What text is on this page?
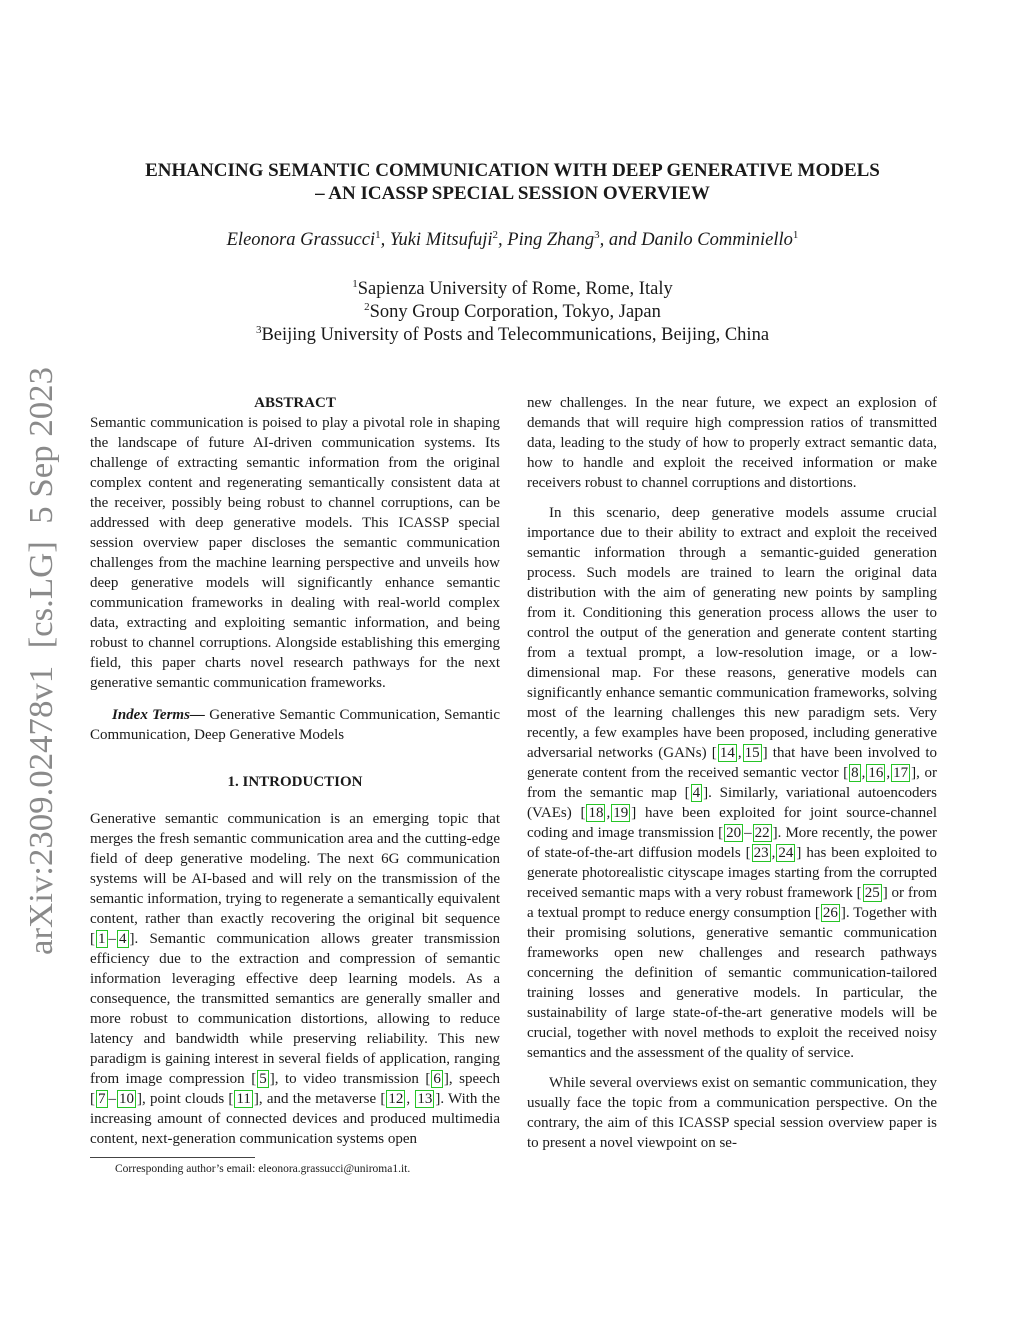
arXiv:2309.02478v1  [cs.LG]  5 Sep 2023
ENHANCING SEMANTIC COMMUNICATION WITH DEEP GENERATIVE MODELS
– AN ICASSP SPECIAL SESSION OVERVIEW
Eleonora Grassucci$^1$, Yuki Mitsufuji$^2$, Ping Zhang$^3$, and Danilo Comminiello$^1$
$^1$Sapienza University of Rome, Rome, Italy
$^2$Sony Group Corporation, Tokyo, Japan
$^3$Beijing University of Posts and Telecommunications, Beijing, China
ABSTRACT

Semantic communication is poised to play a pivotal role in shaping the landscape of future AI-driven communication systems. Its challenge of extracting semantic information from the original complex content and regenerating semantically consistent data at the receiver, possibly being robust to channel corruptions, can be addressed with deep generative models. This ICASSP special session overview paper discloses the semantic communication challenges from the machine learning perspective and unveils how deep generative models will significantly enhance semantic communication frameworks in dealing with real-world complex data, extracting and exploiting semantic information, and being robust to channel corruptions. Alongside establishing this emerging field, this paper charts novel research pathways for the next generative semantic communication frameworks.

Index Terms— Generative Semantic Communication, Semantic Communication, Deep Generative Models

1. INTRODUCTION

Generative semantic communication is an emerging topic that merges the fresh semantic communication area and the cutting-edge field of deep generative modeling. The next 6G communication systems will be AI-based and will rely on the transmission of the semantic information, trying to regenerate a semantically equivalent content, rather than exactly recovering the original bit sequence [ 1 – 4 ]. Semantic communication allows greater transmission efficiency due to the extraction and compression of semantic information leveraging effective deep learning models. As a consequence, the transmitted semantics are generally smaller and more robust to communication distortions, allowing to reduce latency and bandwidth while preserving reliability. This new paradigm is gaining interest in several fields of application, ranging from image compression [ 5 ], to video transmission [ 6 ], speech [ 7 – 10 ], point clouds [ 11 ], and the metaverse [ 12 , 13 ]. With the increasing amount of connected devices and produced multimedia content, next-generation communication systems open

Corresponding author’s email: eleonora.grassucci@uniroma1.it.

new challenges. In the near future, we expect an explosion of demands that will require high compression ratios of transmitted data, leading to the study of how to properly extract semantic data, how to handle and exploit the received information or make receivers robust to channel corruptions and distortions.

In this scenario, deep generative models assume crucial importance due to their ability to extract and exploit the received semantic information through a semantic-guided generation process. Such models are trained to learn the original data distribution with the aim of generating new points by sampling from it. Conditioning this generation process allows the user to control the output of the generation and generate content starting from a textual prompt, a low-resolution image, or a low-dimensional map. For these reasons, generative models can significantly enhance semantic communication frameworks, solving most of the learning challenges this new paradigm sets. Very recently, a few examples have been proposed, including generative adversarial networks (GANs) [ 14 , 15 ] that have been involved to generate content from the received semantic vector [ 8 , 16 , 17 ], or from the semantic map [ 4 ]. Similarly, variational autoencoders (VAEs) [ 18 , 19 ] have been exploited for joint source-channel coding and image transmission [ 20 – 22 ]. More recently, the power of state-of-the-art diffusion models [ 23 , 24 ] has been exploited to generate photorealistic cityscape images starting from the corrupted received semantic maps with a very robust framework [ 25 ] or from a textual prompt to reduce energy consumption [ 26 ]. Together with their promising solutions, generative semantic communication frameworks open new challenges and research pathways concerning the definition of semantic communication-tailored training losses and generative models. In particular, the sustainability of large state-of-the-art generative models will be crucial, together with novel methods to exploit the received noisy semantics and the assessment of the quality of service.

While several overviews exist on semantic communication, they usually face the topic from a communication perspective. On the contrary, the aim of this ICASSP special session overview paper is to present a novel viewpoint on se-
